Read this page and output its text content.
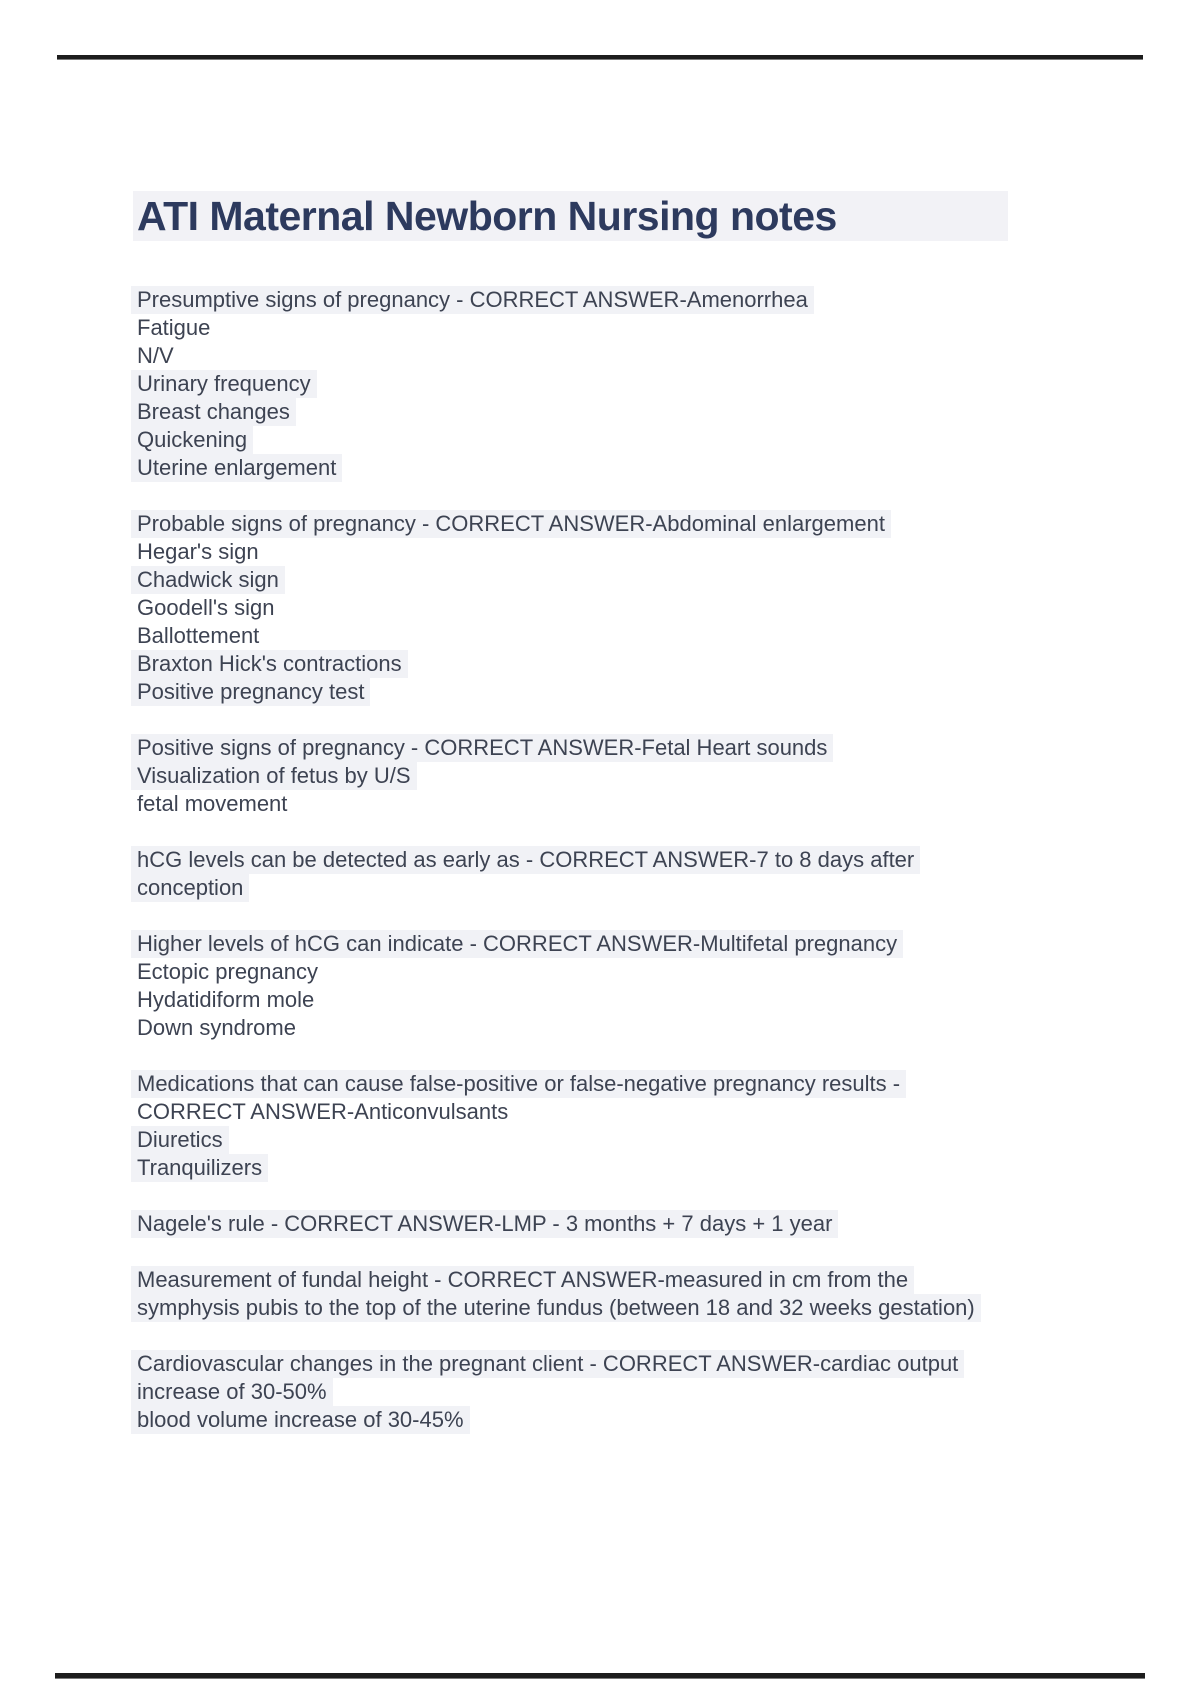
ATI Maternal Newborn Nursing notes
Presumptive signs of pregnancy - CORRECT ANSWER-Amenorrhea
Fatigue
N/V
Urinary frequency
Breast changes
Quickening
Uterine enlargement
Probable signs of pregnancy - CORRECT ANSWER-Abdominal enlargement
Hegar's sign
Chadwick sign
Goodell's sign
Ballottement
Braxton Hick's contractions
Positive pregnancy test
Positive signs of pregnancy - CORRECT ANSWER-Fetal Heart sounds
Visualization of fetus by U/S
fetal movement
hCG levels can be detected as early as - CORRECT ANSWER-7 to 8 days after
conception
Higher levels of hCG can indicate - CORRECT ANSWER-Multifetal pregnancy
Ectopic pregnancy
Hydatidiform mole
Down syndrome
Medications that can cause false-positive or false-negative pregnancy results -
CORRECT ANSWER-Anticonvulsants
Diuretics
Tranquilizers
Nagele's rule - CORRECT ANSWER-LMP - 3 months + 7 days + 1 year
Measurement of fundal height - CORRECT ANSWER-measured in cm from the
symphysis pubis to the top of the uterine fundus (between 18 and 32 weeks gestation)
Cardiovascular changes in the pregnant client - CORRECT ANSWER-cardiac output
increase of 30-50%
blood volume increase of 30-45%
